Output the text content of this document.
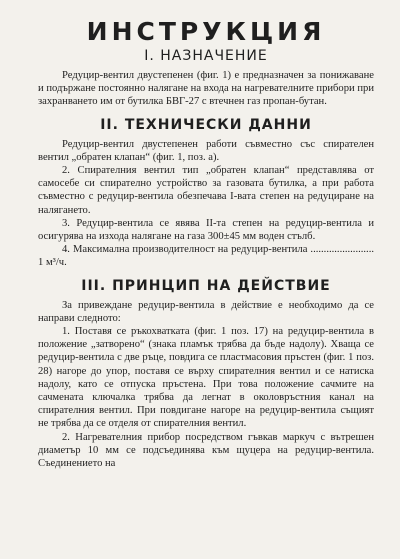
ИНСТРУКЦИЯ
I. НАЗНАЧЕНИЕ

Редуцир-вентил двустепенен (фиг. 1) е предназначен за понижаване и подържане постоянно налягане на входа на нагревателните прибори при захранването им от бутилка БВГ-27 с втечнен газ пропан-бутан.

II. ТЕХНИЧЕСКИ ДАННИ

Редуцир-вентил двустепенен работи съвместно със спирателен вентил „обратен клапан“ (фиг. 1, поз. а).

2. Спирателния вентил тип „обратен клапан“ представлява от самосебе си спирателно устройство за газовата бутилка, а при работа съвместно с редуцир-вентила обезпечава I-вата степен на редуциране на налягането.

3. Редуцир-вентила се явява II-та степен на редуцир-вентила и осигурява на изхода налягане на газа 300±45 мм воден стълб.

4. Максимална производителност на редуцир-вентила ........................ 1 м³/ч.

III. ПРИНЦИП НА ДЕЙСТВИЕ

За привеждане редуцир-вентила в действие е необходимо да се направи следното:

1. Поставя се ръкохватката (фиг. 1 поз. 17) на редуцир-вентила в положение „затворено“ (знака пламък трябва да бъде надолу). Хваща се редуцир-вентила с две ръце, повдига се пластмасовия пръстен (фиг. 1 поз. 28) нагоре до упор, поставя се върху спирателния вентил и се натиска надолу, като се отпуска пръстена. При това положение сачмите на сачмената ключалка трябва да легнат в околовръстния канал на спирателния вентил. При повдигане нагоре на редуцир-вентила същият не трябва да се отделя от спирателния вентил.

2. Нагревателния прибор посредством гъвкав маркуч с вътрешен диаметър 10 мм се подсъединява към щуцера на редуцир-вентила. Съединението на
